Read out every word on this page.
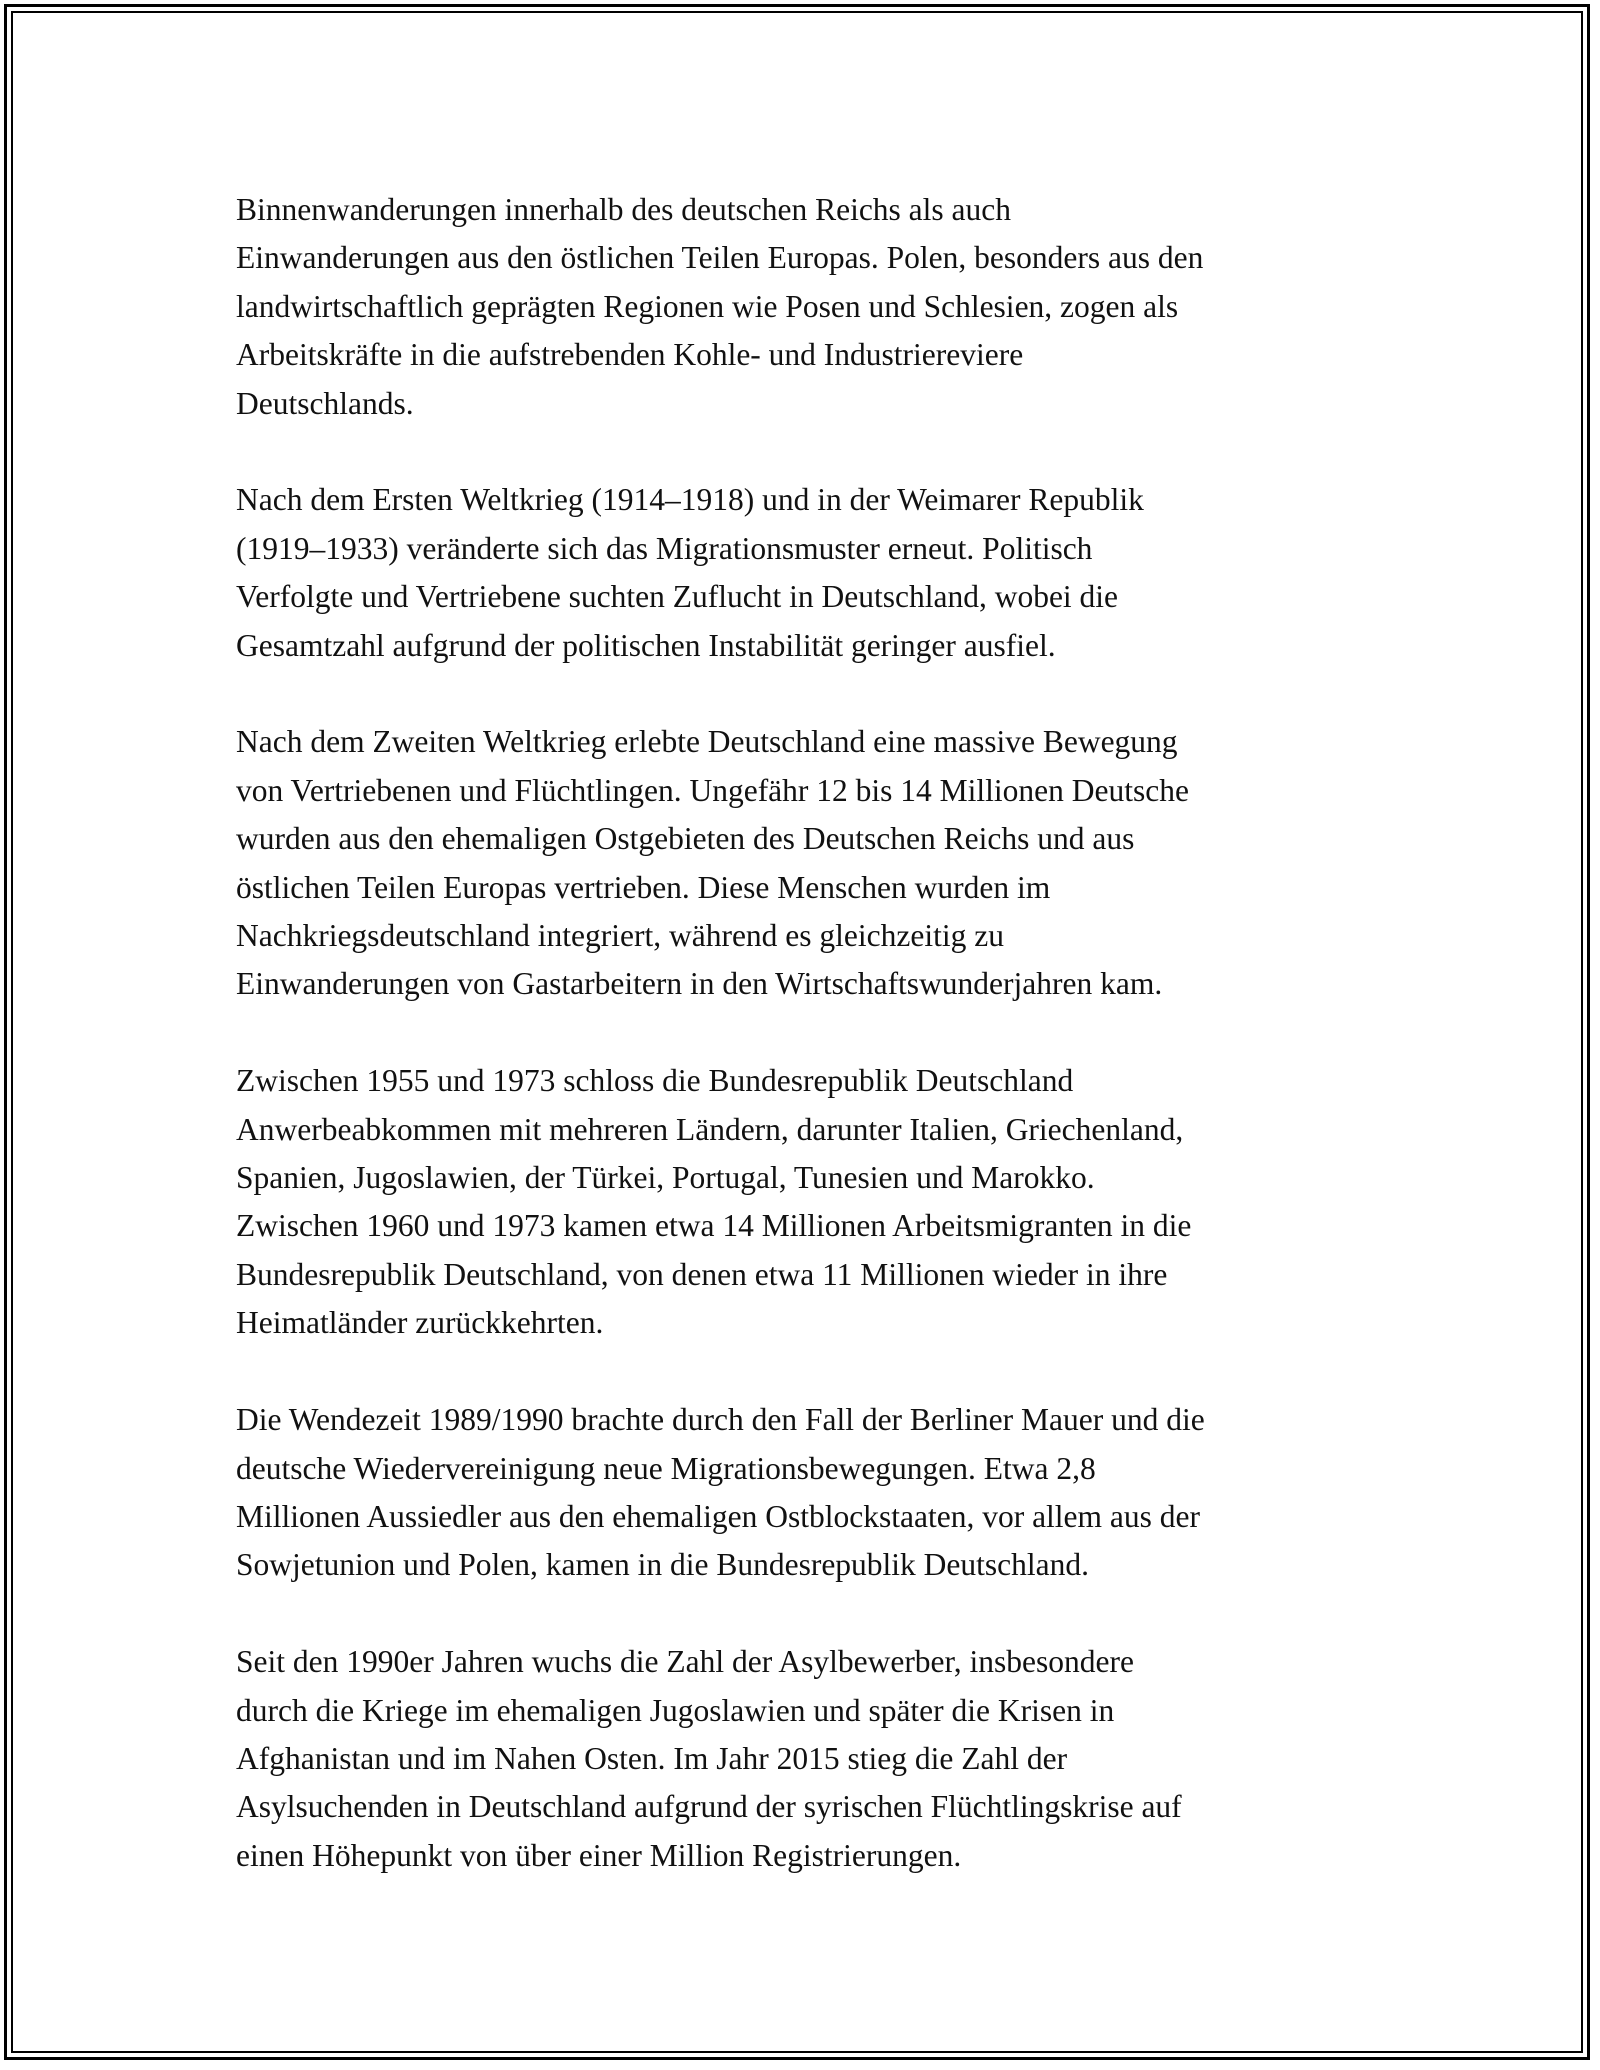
Binnenwanderungen innerhalb des deutschen Reichs als auch
Einwanderungen aus den östlichen Teilen Europas. Polen, besonders aus den
landwirtschaftlich geprägten Regionen wie Posen und Schlesien, zogen als
Arbeitskräfte in die aufstrebenden Kohle- und Industriereviere
Deutschlands.

Nach dem Ersten Weltkrieg (1914–1918) und in der Weimarer Republik
(1919–1933) veränderte sich das Migrationsmuster erneut. Politisch
Verfolgte und Vertriebene suchten Zuflucht in Deutschland, wobei die
Gesamtzahl aufgrund der politischen Instabilität geringer ausfiel.

Nach dem Zweiten Weltkrieg erlebte Deutschland eine massive Bewegung
von Vertriebenen und Flüchtlingen. Ungefähr 12 bis 14 Millionen Deutsche
wurden aus den ehemaligen Ostgebieten des Deutschen Reichs und aus
östlichen Teilen Europas vertrieben. Diese Menschen wurden im
Nachkriegsdeutschland integriert, während es gleichzeitig zu
Einwanderungen von Gastarbeitern in den Wirtschaftswunderjahren kam.

Zwischen 1955 und 1973 schloss die Bundesrepublik Deutschland
Anwerbeabkommen mit mehreren Ländern, darunter Italien, Griechenland,
Spanien, Jugoslawien, der Türkei, Portugal, Tunesien und Marokko.
Zwischen 1960 und 1973 kamen etwa 14 Millionen Arbeitsmigranten in die
Bundesrepublik Deutschland, von denen etwa 11 Millionen wieder in ihre
Heimatländer zurückkehrten.

Die Wendezeit 1989/1990 brachte durch den Fall der Berliner Mauer und die
deutsche Wiedervereinigung neue Migrationsbewegungen. Etwa 2,8
Millionen Aussiedler aus den ehemaligen Ostblockstaaten, vor allem aus der
Sowjetunion und Polen, kamen in die Bundesrepublik Deutschland.

Seit den 1990er Jahren wuchs die Zahl der Asylbewerber, insbesondere
durch die Kriege im ehemaligen Jugoslawien und später die Krisen in
Afghanistan und im Nahen Osten. Im Jahr 2015 stieg die Zahl der
Asylsuchenden in Deutschland aufgrund der syrischen Flüchtlingskrise auf
einen Höhepunkt von über einer Million Registrierungen.
